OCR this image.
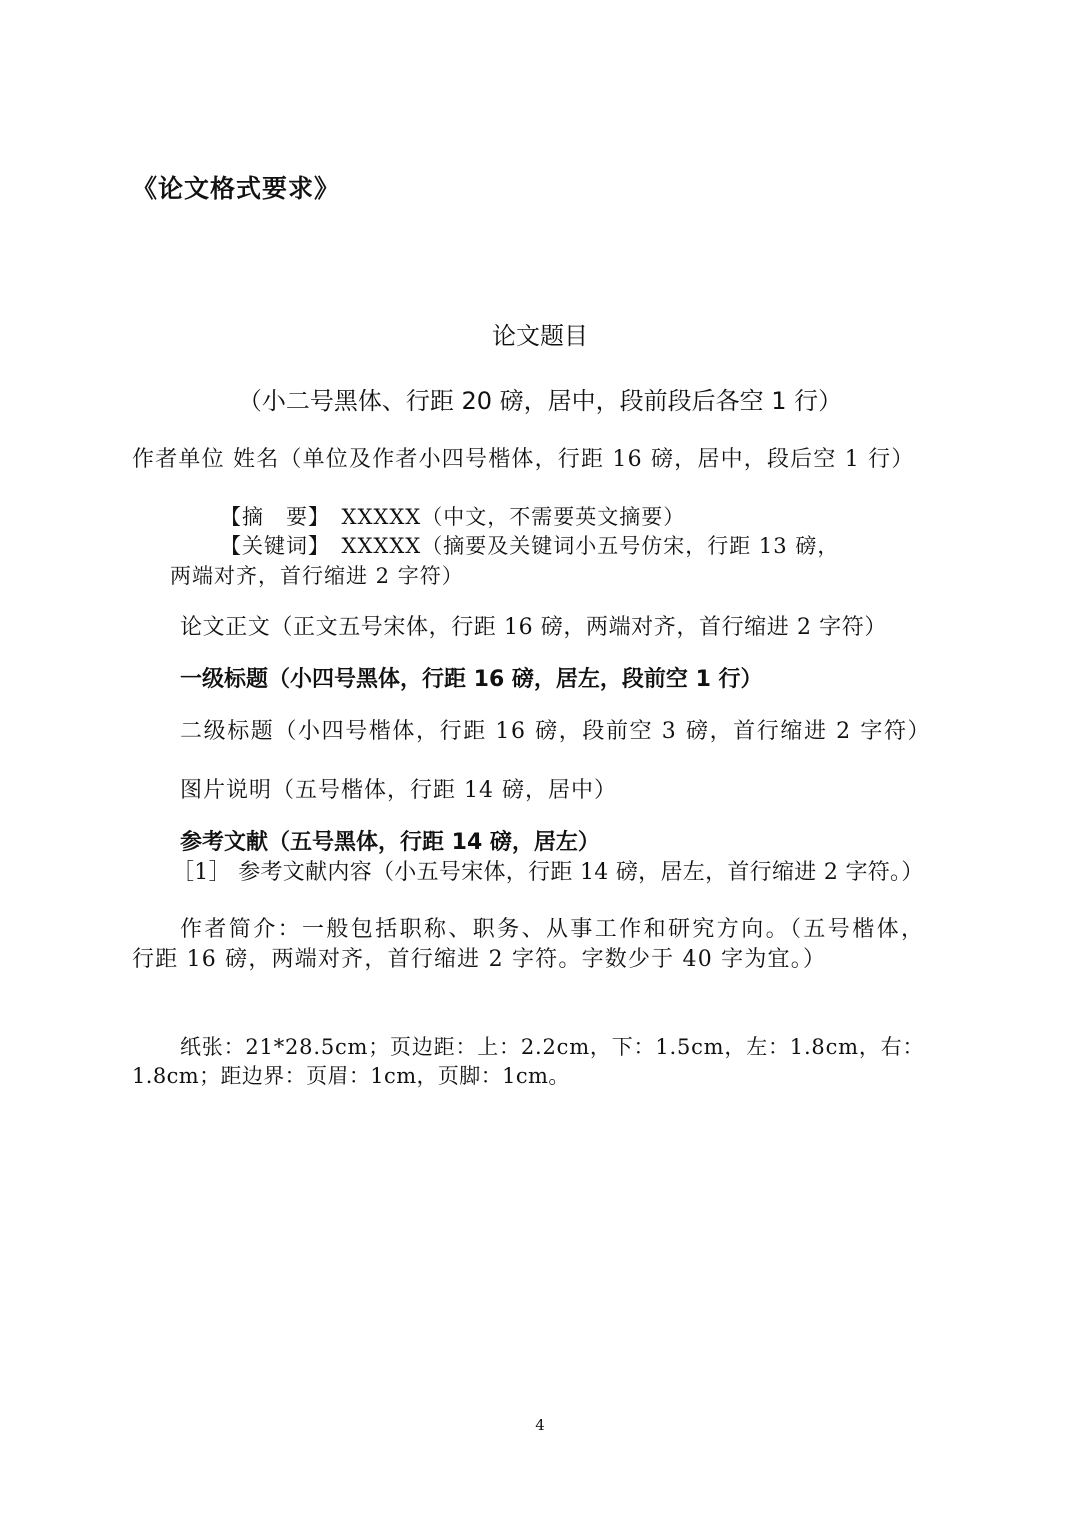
《论文格式要求》
论文题目
（小二号黑体、行距 20 磅，居中，段前段后各空 1 行）
作者单位 姓名（单位及作者小四号楷体，行距 16 磅，居中，段后空 1 行）
【摘　要】　XXXXX（中文，不需要英文摘要）
【关键词】　XXXXX（摘要及关键词小五号仿宋，行距 13 磅，
两端对齐，首行缩进 2 字符）
论文正文（正文五号宋体，行距 16 磅，两端对齐，首行缩进 2 字符）
一级标题（小四号黑体，行距 16 磅，居左，段前空 1 行）
二级标题（小四号楷体，行距 16 磅，段前空 3 磅，首行缩进 2 字符）
图片说明（五号楷体，行距 14 磅，居中）
参考文献（五号黑体，行距 14 磅，居左）
［1］ 参考文献内容（小五号宋体，行距 14 磅，居左，首行缩进 2 字符。）
作者简介：一般包括职称、职务、从事工作和研究方向。（五号楷体，
行距 16 磅，两端对齐，首行缩进 2 字符。字数少于 40 字为宜。）
纸张：21*28.5cm；页边距：上：2.2cm，下：1.5cm，左：1.8cm，右：
1.8cm；距边界：页眉：1cm，页脚：1cm。
4
